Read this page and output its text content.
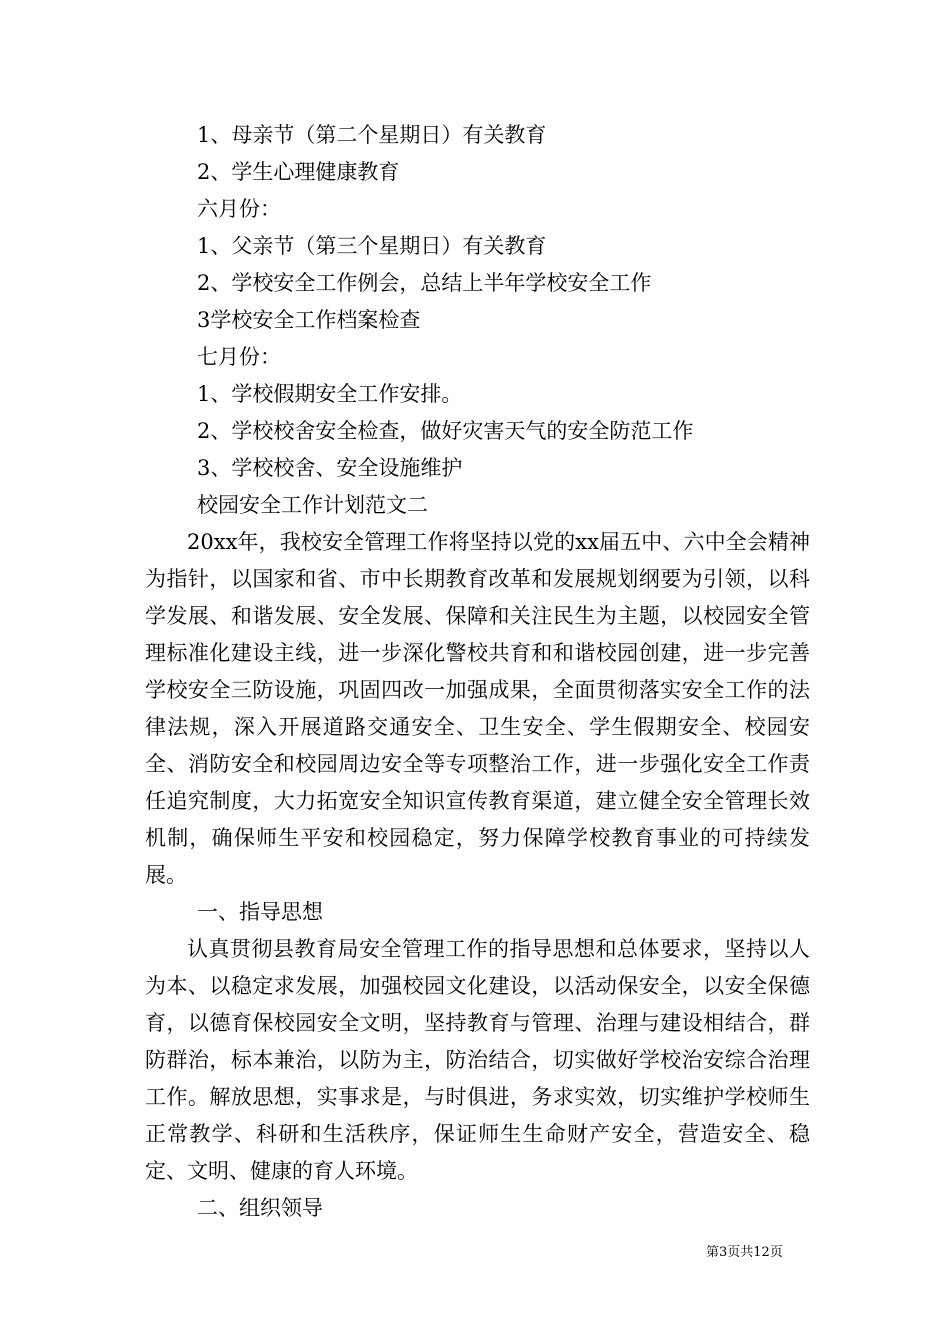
1、母亲节（第二个星期日）有关教育

2、学生心理健康教育

六月份：

1、父亲节（第三个星期日）有关教育

2、学校安全工作例会，总结上半年学校安全工作

3学校安全工作档案检查

七月份：

1、学校假期安全工作安排。

2、学校校舍安全检查，做好灾害天气的安全防范工作

3、学校校舍、安全设施维护

校园安全工作计划范文二

20xx年，我校安全管理工作将坚持以党的xx届五中、六中全会精神为指针，以国家和省、市中长期教育改革和发展规划纲要为引领，以科学发展、和谐发展、安全发展、保障和关注民生为主题，以校园安全管理标准化建设主线，进一步深化警校共育和和谐校园创建，进一步完善学校安全三防设施，巩固四改一加强成果，全面贯彻落实安全工作的法律法规，深入开展道路交通安全、卫生安全、学生假期安全、校园安全、消防安全和校园周边安全等专项整治工作，进一步强化安全工作责任追究制度，大力拓宽安全知识宣传教育渠道，建立健全安全管理长效机制，确保师生平安和校园稳定，努力保障学校教育事业的可持续发展。

一、指导思想

认真贯彻县教育局安全管理工作的指导思想和总体要求，坚持以人为本、以稳定求发展，加强校园文化建设，以活动保安全，以安全保德育，以德育保校园安全文明，坚持教育与管理、治理与建设相结合，群防群治，标本兼治，以防为主，防治结合，切实做好学校治安综合治理工作。解放思想，实事求是，与时俱进，务求实效，切实维护学校师生正常教学、科研和生活秩序，保证师生生命财产安全，营造安全、稳定、文明、健康的育人环境。

二、组织领导

第3页共12页
